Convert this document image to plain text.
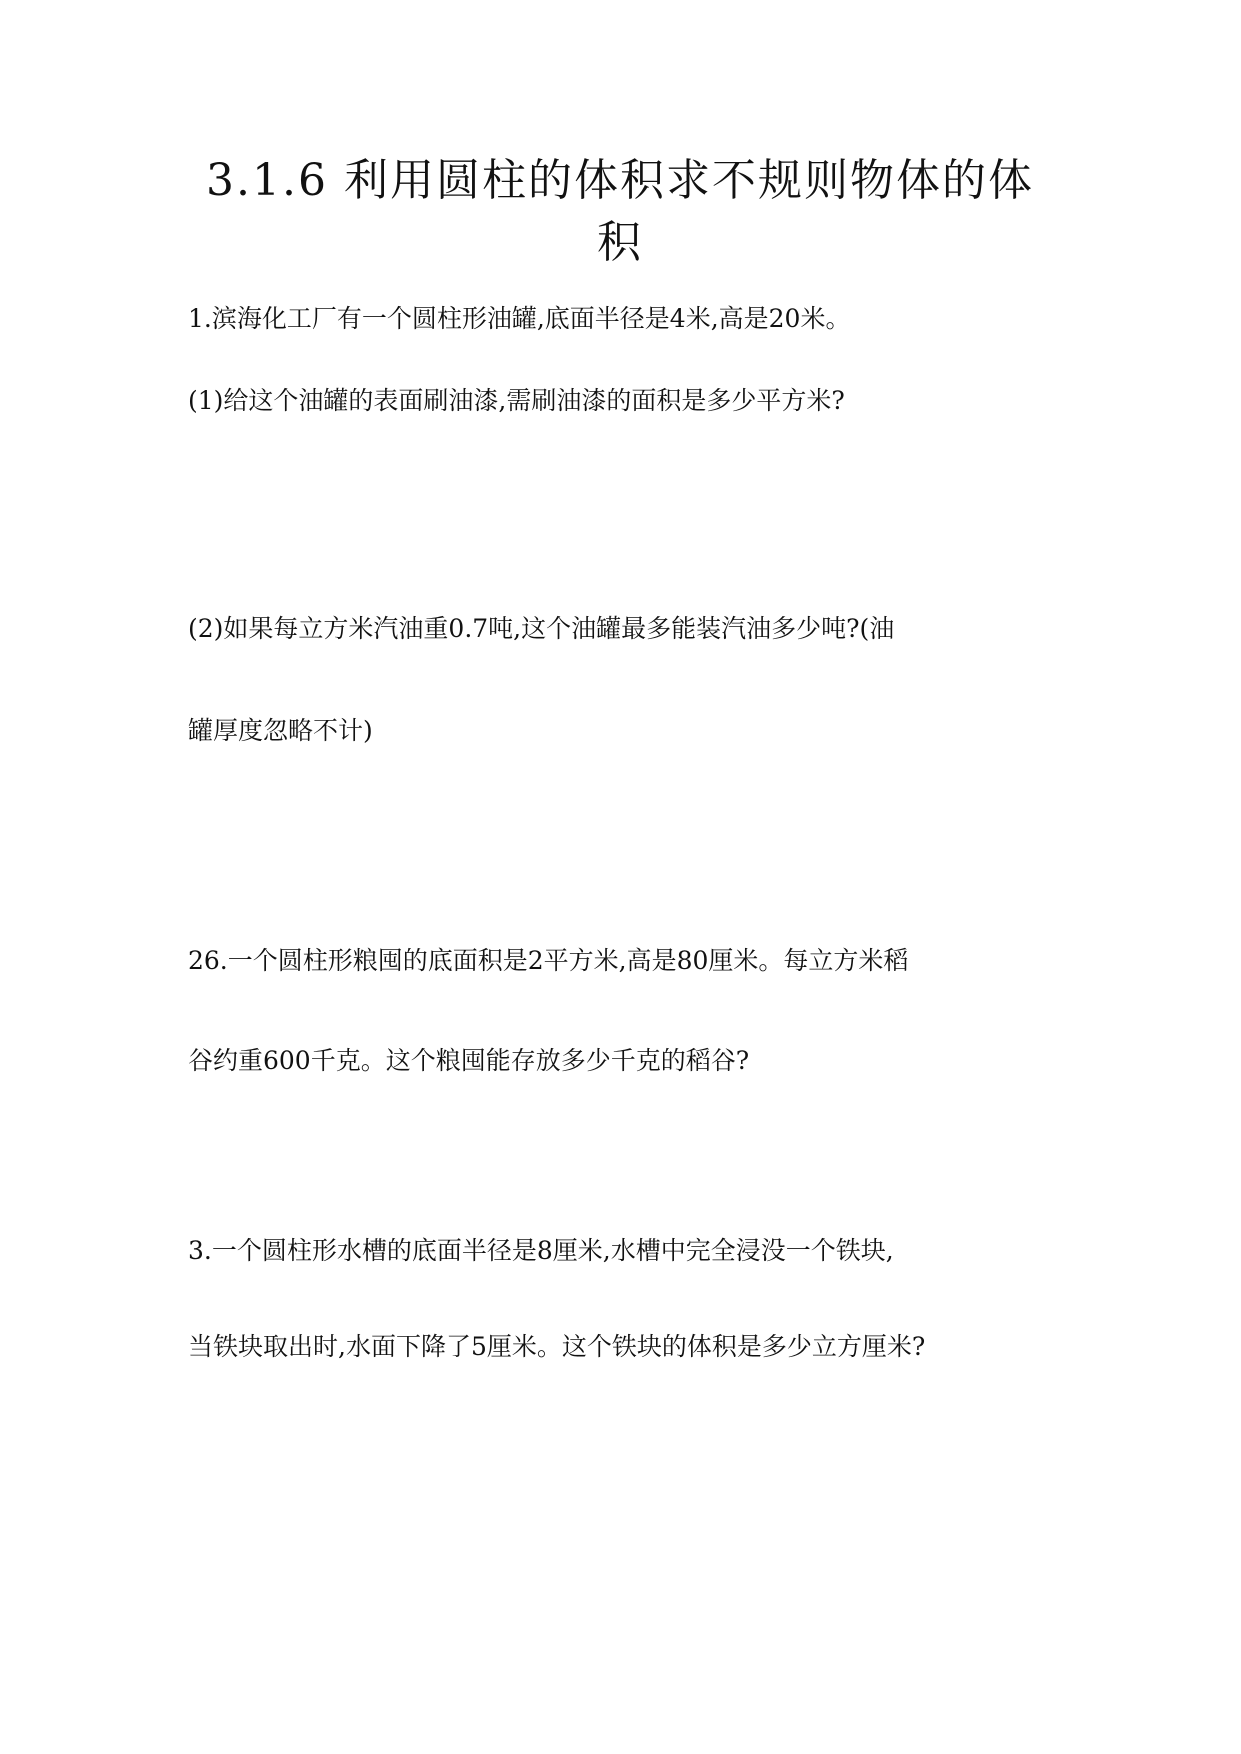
3.1.6 利用圆柱的体积求不规则物体的体
积

1.滨海化工厂有一个圆柱形油罐,底面半径是4米,高是20米。

(1)给这个油罐的表面刷油漆,需刷油漆的面积是多少平方米?

(2)如果每立方米汽油重0.7吨,这个油罐最多能装汽油多少吨?(油

罐厚度忽略不计)

26.一个圆柱形粮囤的底面积是2平方米,高是80厘米。每立方米稻

谷约重600千克。这个粮囤能存放多少千克的稻谷?

3.一个圆柱形水槽的底面半径是8厘米,水槽中完全浸没一个铁块,

当铁块取出时,水面下降了5厘米。这个铁块的体积是多少立方厘米?
